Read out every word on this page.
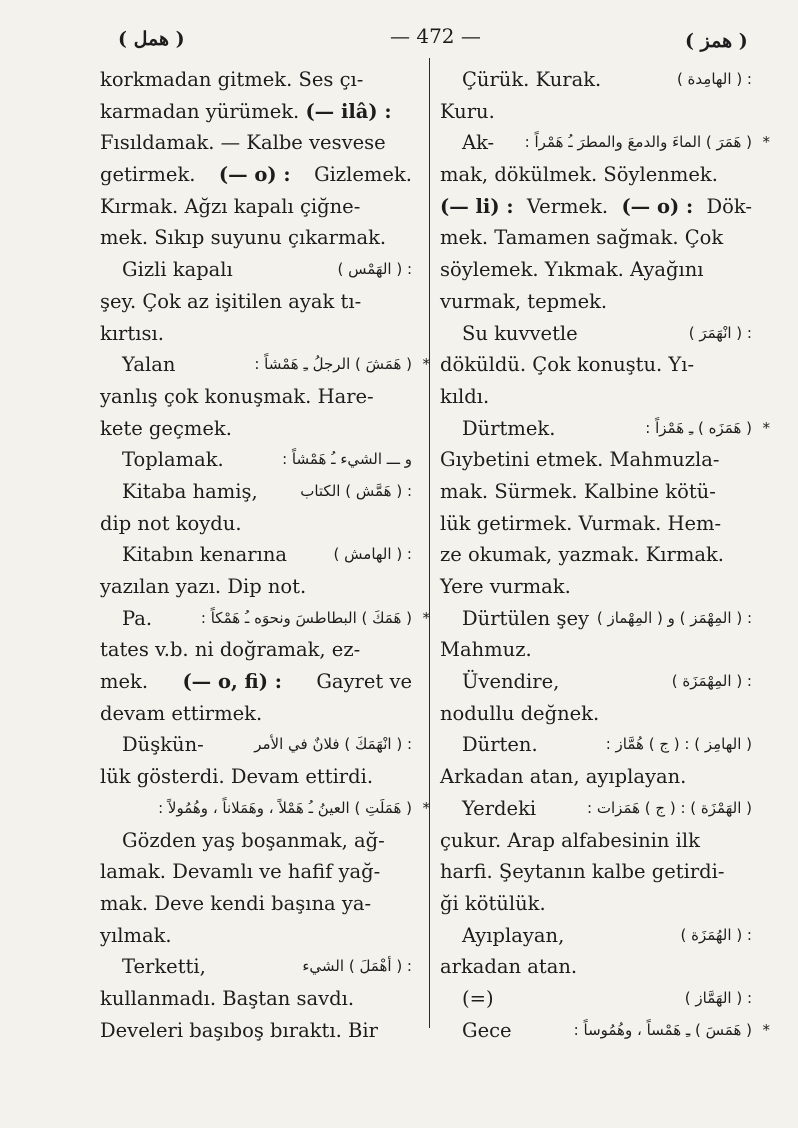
( همل )	— 472 —	( همز )
korkmadan gitmek. Ses çı-
karmadan yürümek. (— ilâ) :
Fısıldamak. — Kalbe vesvese
getirmek. (— o) : Gizlemek.
Kırmak. Ağzı kapalı çiğne-
mek. Sıkıp suyunu çıkarmak.
Gizli kapalı	: ( الهَمْس )
şey. Çok az işitilen ayak tı-
kırtısı.
Yalan	( هَمَشَ ) الرجلُ ـِ هَمْشاً : *
yanlış çok konuşmak. Hare-
kete geçmek.
Toplamak.	و ـــ الشيء ـُ هَمْشاً :
Kitaba hamiş,	: ( هَمَّش ) الكتاب
dip not koydu.
Kitabın kenarına	: ( الهامش )
yazılan yazı. Dip not.
Pa.	( هَمَكَ ) البطاطسَ ونحوَه ـُ هَمْكاً : *
tates v.b. ni doğramak, ez-
mek. (— o, fi) : Gayret ve
devam ettirmek.
Düşkün-	: ( انْهَمَكَ ) فلانٌ في الأمر
lük gösterdi. Devam ettirdi.
( هَمَلَتِ ) العينُ ـُ هَمْلاً ، وهَمَلاناً ، وهُمُولاً : *
Gözden yaş boşanmak, ağ-
lamak. Devamlı ve hafif yağ-
mak. Deve kendi başına ya-
yılmak.
Terketti,	: ( أهْمَلَ ) الشيء
kullanmadı. Baştan savdı.
Develeri başıboş bıraktı. Bir
Çürük. Kurak.	: ( الهامِدة )
Kuru.
Ak- ( هَمَرَ ) الماءَ والدمعَ والمطرَ ـُ هَمْراً : *
mak, dökülmek. Söylenmek.
(— li) : Vermek. (— o) : Dök-
mek. Tamamen sağmak. Çok
söylemek. Yıkmak. Ayağını
vurmak, tepmek.
Su kuvvetle	: ( انْهَمَرَ )
döküldü. Çok konuştu. Yı-
kıldı.
Dürtmek.	( هَمَزَه ) ـِ هَمْزاً : *
Gıybetini etmek. Mahmuzla-
mak. Sürmek. Kalbine kötü-
lük getirmek. Vurmak. Hem-
ze okumak, yazmak. Kırmak.
Yere vurmak.
Dürtülen şey : ( المِهْمَز ) و ( المِهْماز )
Mahmuz.
Üvendire,	: ( المِهْمَزَة )
nodullu değnek.
Dürten.	( الهامِز ) : ( ج ) هُمَّاز :
Arkadan atan, ayıplayan.
Yerdeki	( الهَمْزَة ) : ( ج ) هَمَزات :
çukur. Arap alfabesinin ilk
harfi. Şeytanın kalbe getirdi-
ği kötülük.
Ayıplayan,	: ( الهُمَزَة )
arkadan atan.
(=)	: ( الهَمَّاز )
Gece	( هَمَسَ ) ـِ هَمْساً ، وهُمُوساً : *
